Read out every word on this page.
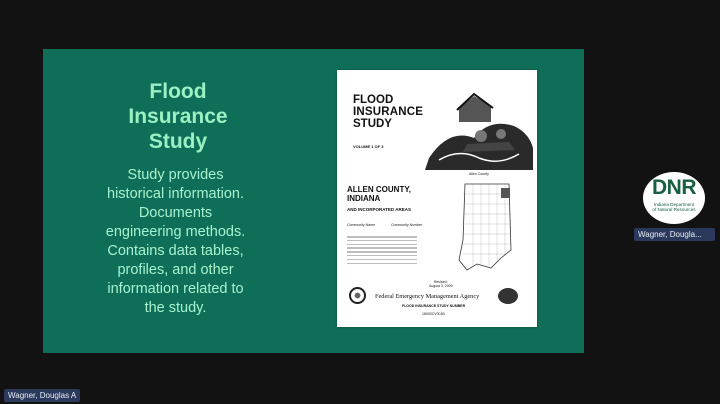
Flood
Insurance
Study
Study provides
historical information.
Documents
engineering methods.
Contains data tables,
profiles, and other
information related to
the study.
FLOOD
INSURANCE
STUDY
VOLUME 1 OF 3
ALLEN COUNTY,
INDIANA
AND INCORPORATED AREAS
Community Name	Community Number
Allen County
Revised:
August 3, 2009
Federal Emergency Management Agency
FLOOD INSURANCE STUDY NUMBER
18003CV001B
DNR
Indiana Department
of Natural Resources
Wagner, Dougla...
Wagner, Douglas A
